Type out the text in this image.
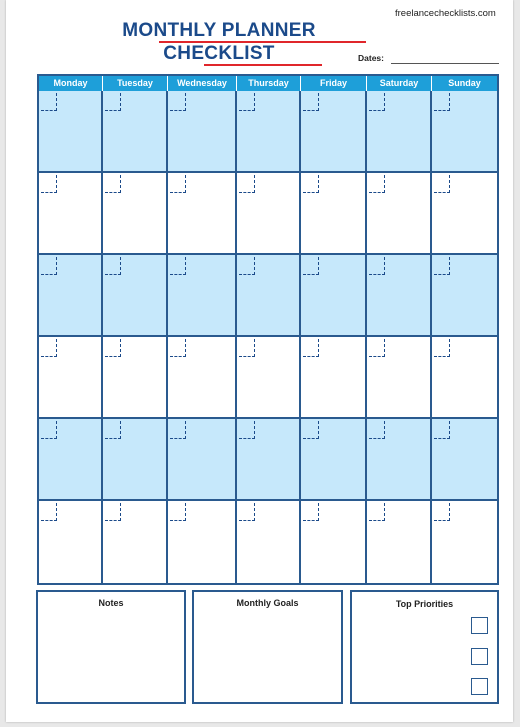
freelancechecklists.com
MONTHLY PLANNER
CHECKLIST	Dates:
Monday	Tuesday	Wednesday	Thursday	Friday	Saturday	Sunday
Notes	Monthly Goals	Top Priorities
